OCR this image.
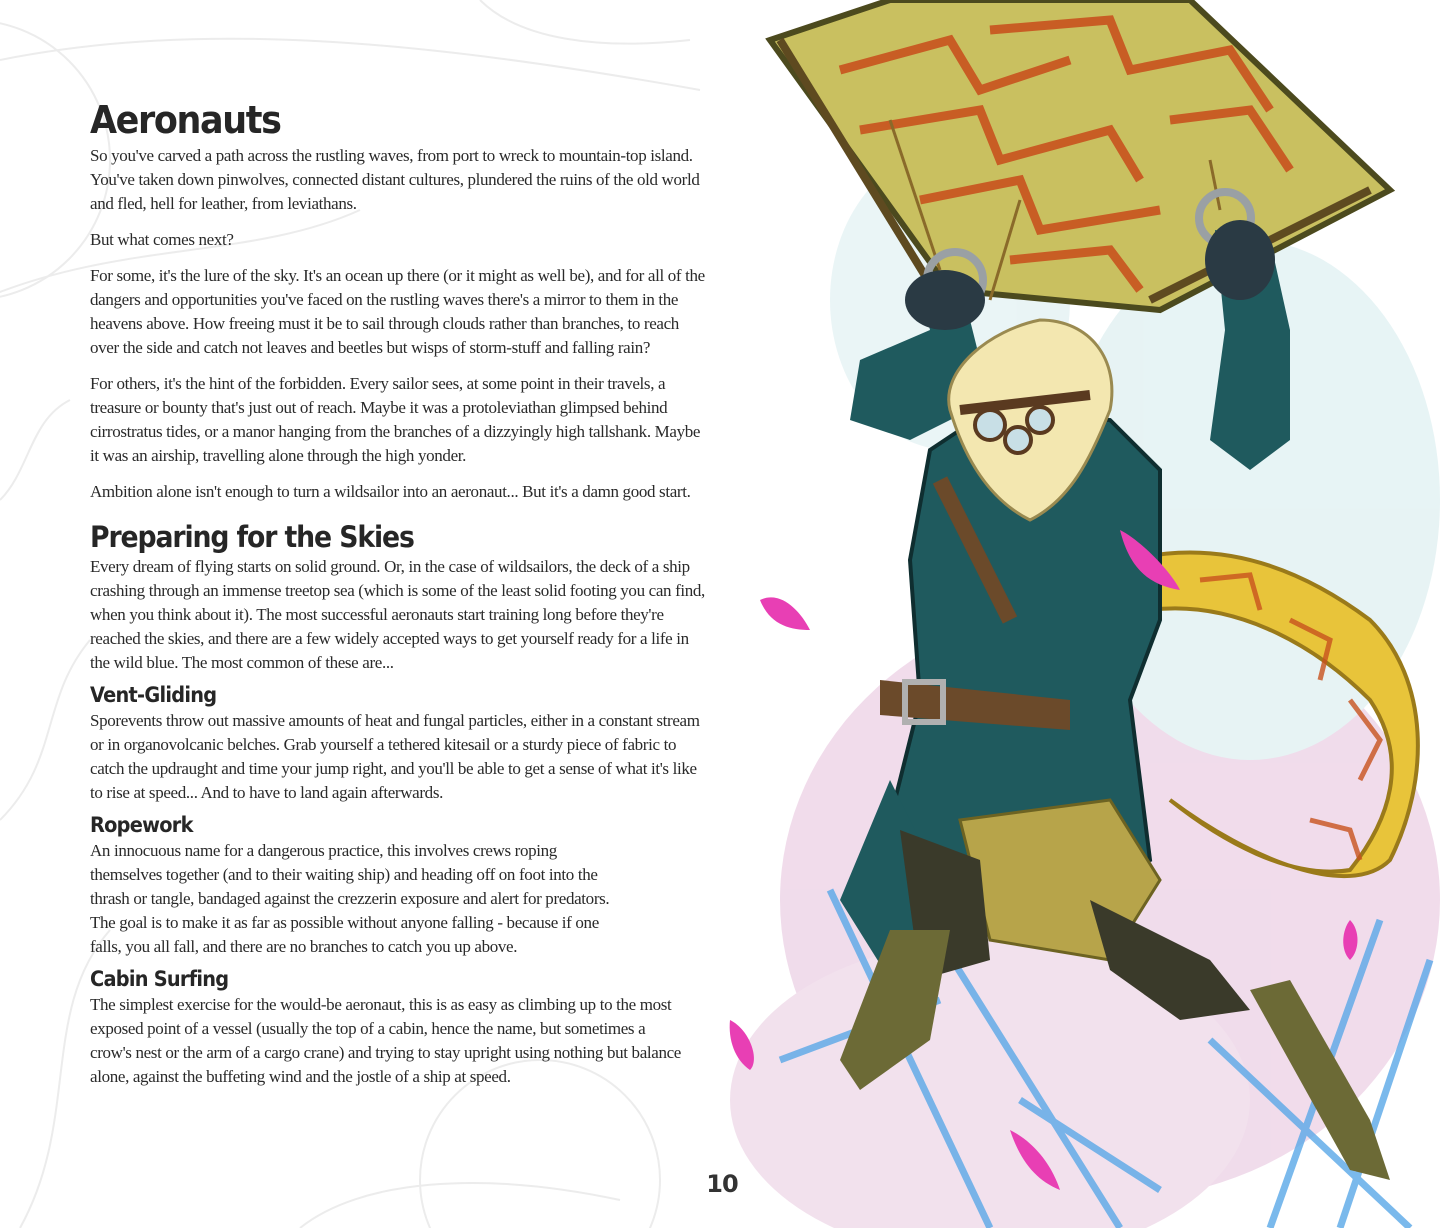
Aeronauts

So you've carved a path across the rustling waves, from port to wreck to mountain-top island. You've taken down pinwolves, connected distant cultures, plundered the ruins of the old world and fled, hell for leather, from leviathans.

But what comes next?

For some, it's the lure of the sky. It's an ocean up there (or it might as well be), and for all of the dangers and opportunities you've faced on the rustling waves there's a mirror to them in the heavens above. How freeing must it be to sail through clouds rather than branches, to reach over the side and catch not leaves and beetles but wisps of storm-stuff and falling rain?

For others, it's the hint of the forbidden. Every sailor sees, at some point in their travels, a treasure or bounty that's just out of reach. Maybe it was a protoleviathan glimpsed behind cirrostratus tides, or a manor hanging from the branches of a dizzyingly high tallshank. Maybe it was an airship, travelling alone through the high yonder.

Ambition alone isn't enough to turn a wildsailor into an aeronaut... But it's a damn good start.

Preparing for the Skies

Every dream of flying starts on solid ground. Or, in the case of wildsailors, the deck of a ship crashing through an immense treetop sea (which is some of the least solid footing you can find, when you think about it). The most successful aeronauts start training long before they're reached the skies, and there are a few widely accepted ways to get yourself ready for a life in the wild blue. The most common of these are...

Vent-Gliding

Sporevents throw out massive amounts of heat and fungal particles, either in a constant stream or in organovolcanic belches. Grab yourself a tethered kitesail or a sturdy piece of fabric to catch the updraught and time your jump right, and you'll be able to get a sense of what it's like to rise at speed... And to have to land again afterwards.

Ropework

An innocuous name for a dangerous practice, this involves crews roping themselves together (and to their waiting ship) and heading off on foot into the thrash or tangle, bandaged against the crezzerin exposure and alert for predators. The goal is to make it as far as possible without anyone falling - because if one falls, you all fall, and there are no branches to catch you up above.

Cabin Surfing

The simplest exercise for the would-be aeronaut, this is as easy as climbing up to the most exposed point of a vessel (usually the top of a cabin, hence the name, but sometimes a crow's nest or the arm of a cargo crane) and trying to stay upright using nothing but balance alone, against the buffeting wind and the jostle of a ship at speed.

10
